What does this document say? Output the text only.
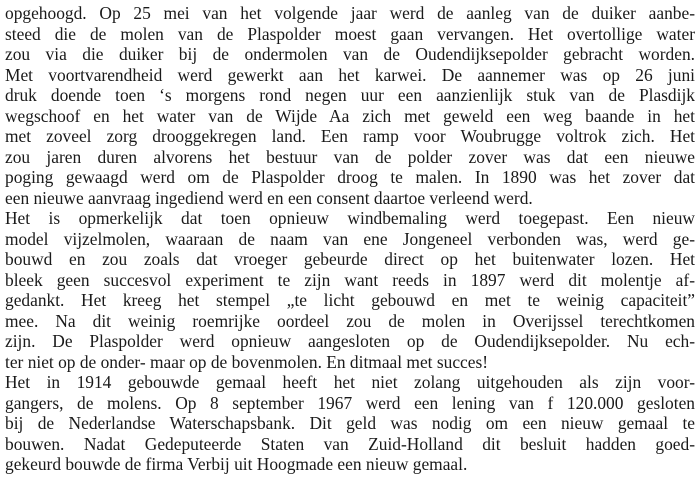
opgehoogd. Op 25 mei van het volgende jaar werd de aanleg van de duiker aanbe-
steed die de molen van de Plaspolder moest gaan vervangen. Het overtollige water
zou via die duiker bij de ondermolen van de Oudendijksepolder gebracht worden.
Met voortvarendheid werd gewerkt aan het karwei. De aannemer was op 26 juni
druk doende toen ‘s morgens rond negen uur een aanzienlijk stuk van de Plasdijk
wegschoof en het water van de Wijde Aa zich met geweld een weg baande in het
met zoveel zorg drooggekregen land. Een ramp voor Woubrugge voltrok zich. Het
zou jaren duren alvorens het bestuur van de polder zover was dat een nieuwe
poging gewaagd werd om de Plaspolder droog te malen. In 1890 was het zover dat
een nieuwe aanvraag ingediend werd en een consent daartoe verleend werd.
Het is opmerkelijk dat toen opnieuw windbemaling werd toegepast. Een nieuw
model vijzelmolen, waaraan de naam van ene Jongeneel verbonden was, werd ge-
bouwd en zou zoals dat vroeger gebeurde direct op het buitenwater lozen. Het
bleek geen succesvol experiment te zijn want reeds in 1897 werd dit molentje af-
gedankt. Het kreeg het stempel „te licht gebouwd en met te weinig capaciteit”
mee. Na dit weinig roemrijke oordeel zou de molen in Overijssel terechtkomen
zijn. De Plaspolder werd opnieuw aangesloten op de Oudendijksepolder. Nu ech-
ter niet op de onder- maar op de bovenmolen. En ditmaal met succes!
Het in 1914 gebouwde gemaal heeft het niet zolang uitgehouden als zijn voor-
gangers, de molens. Op 8 september 1967 werd een lening van f 120.000 gesloten
bij de Nederlandse Waterschapsbank. Dit geld was nodig om een nieuw gemaal te
bouwen. Nadat Gedeputeerde Staten van Zuid-Holland dit besluit hadden goed-
gekeurd bouwde de firma Verbij uit Hoogmade een nieuw gemaal.
